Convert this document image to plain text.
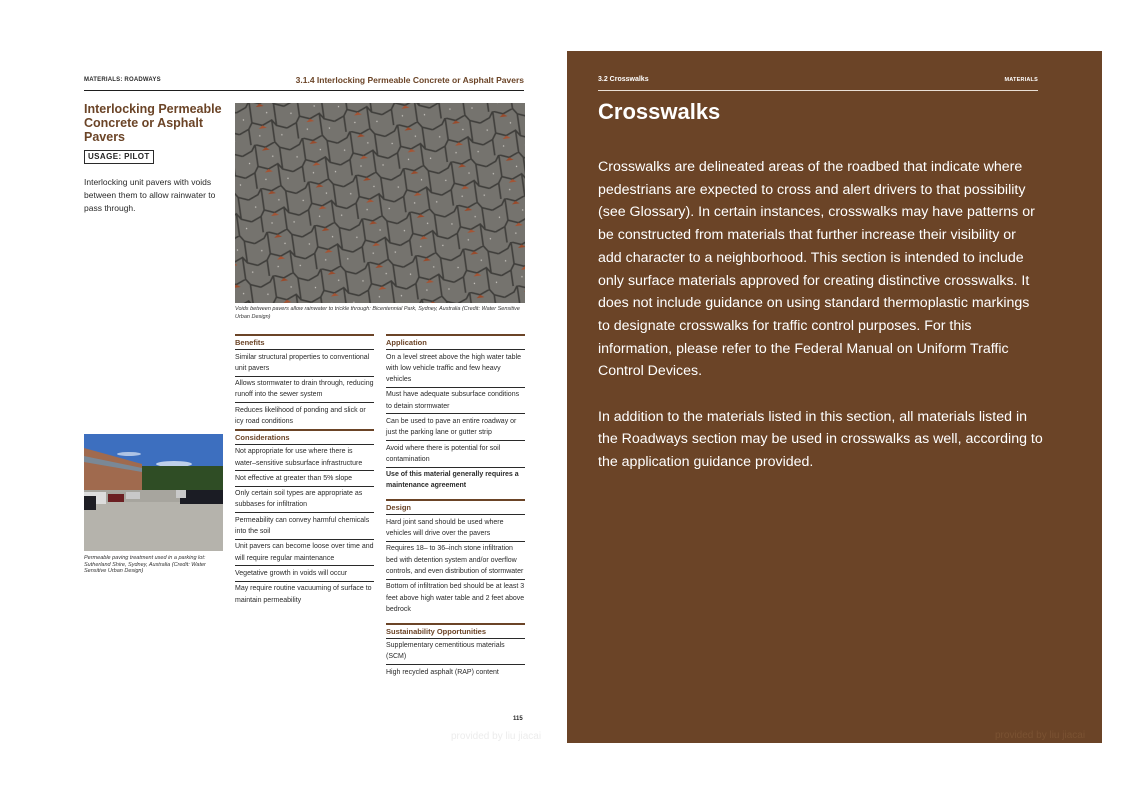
MATERIALS: ROADWAYS	3.1.4 Interlocking Permeable Concrete or Asphalt Pavers
Interlocking Permeable Concrete or Asphalt Pavers
USAGE: PILOT

Interlocking unit pavers with voids between them to allow rainwater to pass through.

Voids between pavers allow rainwater to trickle through: Bicentennial Park, Sydney, Australia (Credit: Water Sensitive Urban Design)

Permeable paving treatment used in a parking lot: Sutherland Shire, Sydney, Australia (Credit: Water Sensitive Urban Design)

Benefits
Similar structural properties to conventional unit pavers
Allows stormwater to drain through, reducing runoff into the sewer system
Reduces likelihood of ponding and slick or icy road conditions
Considerations
Not appropriate for use where there is water–sensitive subsurface infrastructure
Not effective at greater than 5% slope
Only certain soil types are appropriate as subbases for infiltration
Permeability can convey harmful chemicals into the soil
Unit pavers can become loose over time and will require regular maintenance
Vegetative growth in voids will occur
May require routine vacuuming of surface to maintain permeability
Application
On a level street above the high water table with low vehicle traffic and few heavy vehicles
Must have adequate subsurface conditions to detain stormwater
Can be used to pave an entire roadway or just the parking lane or gutter strip
Avoid where there is potential for soil contamination
Use of this material generally requires a maintenance agreement
Design
Hard joint sand should be used where vehicles will drive over the pavers
Requires 18– to 36–inch stone infiltration bed with detention system and/or overflow controls, and even distribution of stormwater
Bottom of infiltration bed should be at least 3 feet above high water table and 2 feet above bedrock
Sustainability Opportunities
Supplementary cementitious materials (SCM)
High recycled asphalt (RAP) content
115
provided by liu jiacai
3.2 Crosswalks	MATERIALS
Crosswalks

Crosswalks are delineated areas of the roadbed that indicate where pedestrians are expected to cross and alert drivers to that possibility (see Glossary). In certain instances, crosswalks may have patterns or be constructed from materials that further increase their visibility or add character to a neighborhood. This section is intended to include only surface materials approved for creating distinctive crosswalks. It does not include guidance on using standard thermoplastic markings to designate crosswalks for traffic control purposes. For this information, please refer to the Federal Manual on Uniform Traffic Control Devices.

In addition to the materials listed in this section, all materials listed in the Roadways section may be used in crosswalks as well, according to the application guidance provided.

provided by liu jiacai
